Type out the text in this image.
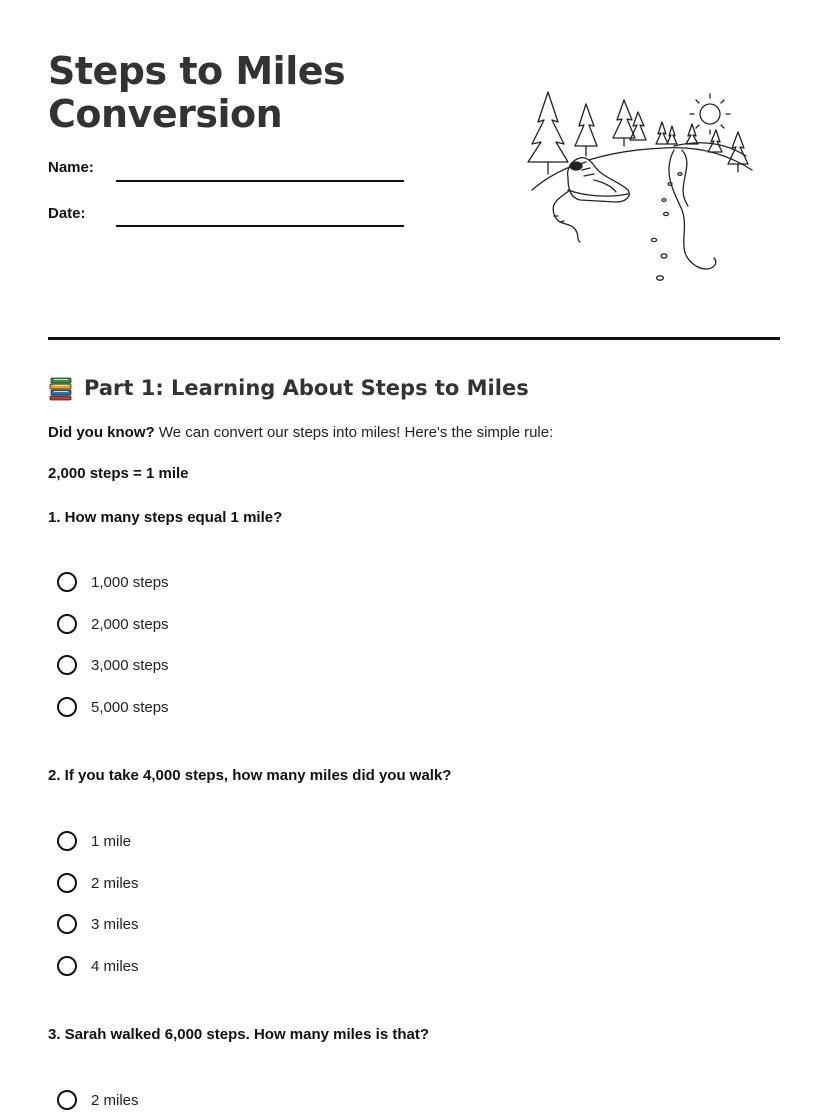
Steps to Miles
Conversion
Name:
Date:
Part 1: Learning About Steps to Miles
Did you know? We can convert our steps into miles! Here's the simple rule:
2,000 steps = 1 mile
1. How many steps equal 1 mile?
1,000 steps
2,000 steps
3,000 steps
5,000 steps
2. If you take 4,000 steps, how many miles did you walk?
1 mile
2 miles
3 miles
4 miles
3. Sarah walked 6,000 steps. How many miles is that?
2 miles
